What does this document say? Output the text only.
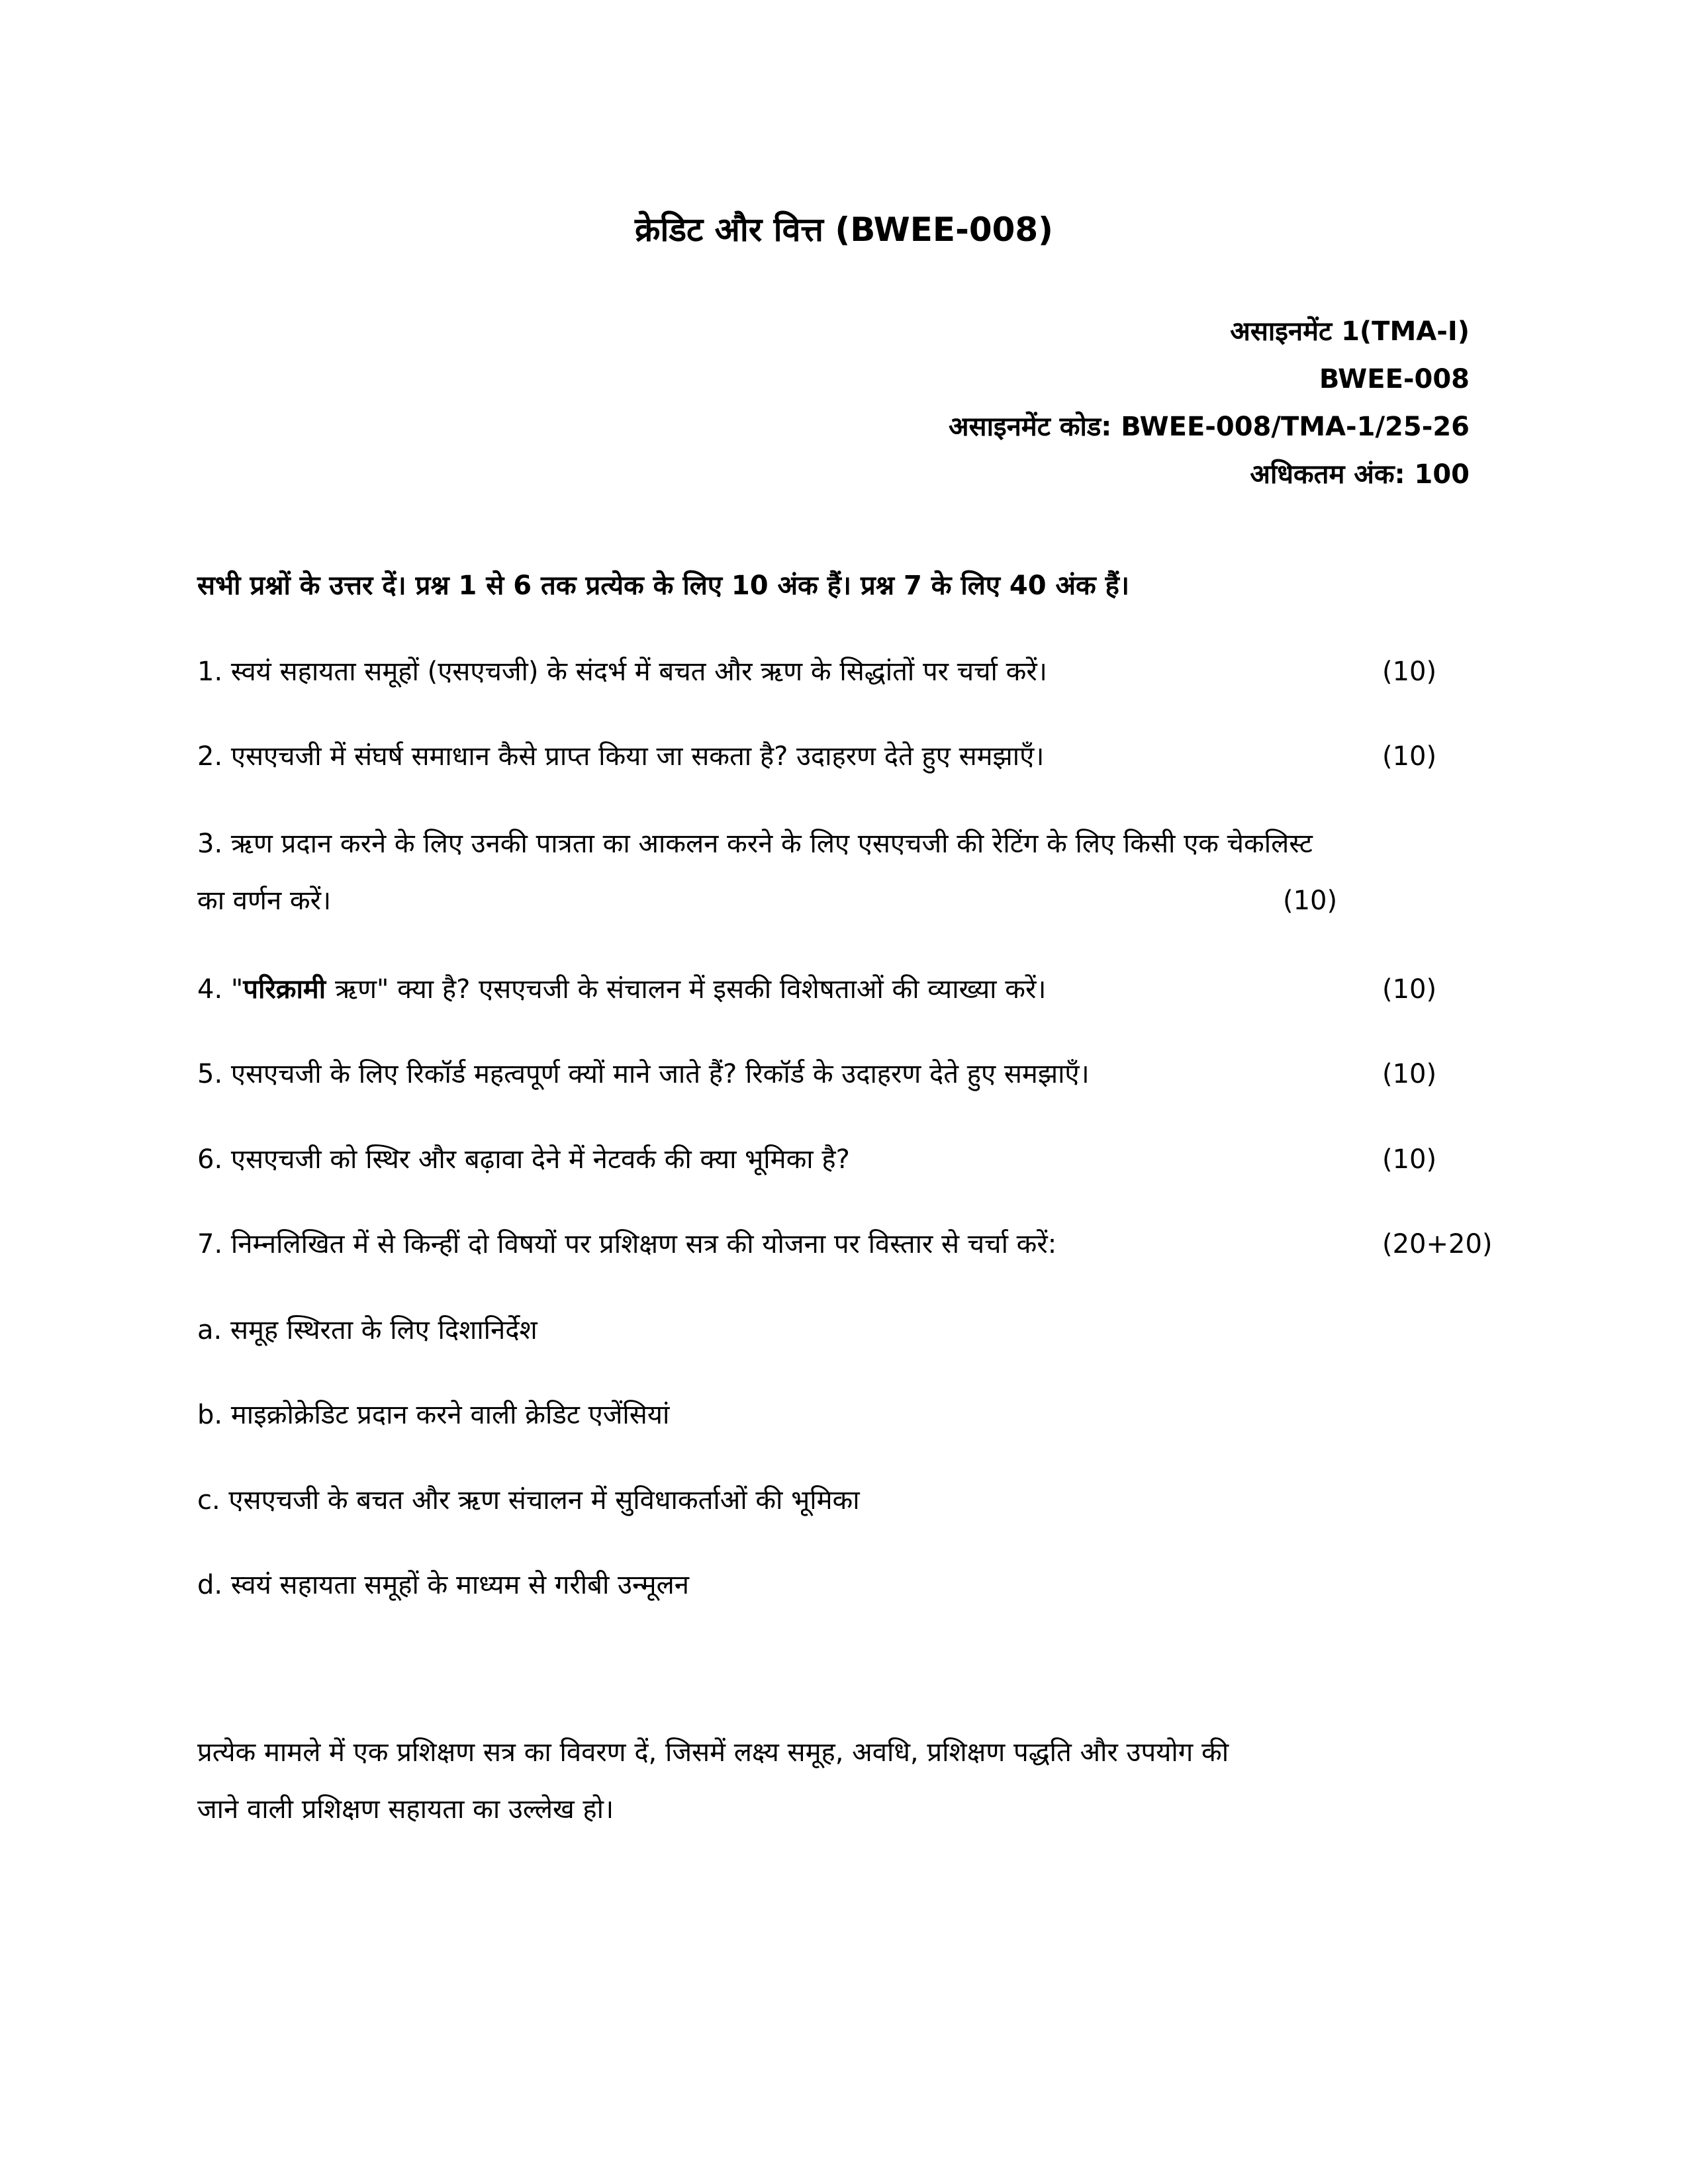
क्रेडिट और वित्त (BWEE-008)
असाइनमेंट 1(TMA-I)
BWEE-008
असाइनमेंट कोड: BWEE-008/TMA-1/25-26
अधिकतम अंक: 100
सभी प्रश्नों के उत्तर दें। प्रश्न 1 से 6 तक प्रत्येक के लिए 10 अंक हैं। प्रश्न 7 के लिए 40 अंक हैं।
1. स्वयं सहायता समूहों (एसएचजी) के संदर्भ में बचत और ऋण के सिद्धांतों पर चर्चा करें।	(10)
2. एसएचजी में संघर्ष समाधान कैसे प्राप्त किया जा सकता है? उदाहरण देते हुए समझाएँ।	(10)
3. ऋण प्रदान करने के लिए उनकी पात्रता का आकलन करने के लिए एसएचजी की रेटिंग के लिए किसी एक चेकलिस्ट
का वर्णन करें।	(10)
4. "परिक्रामी ऋण" क्या है? एसएचजी के संचालन में इसकी विशेषताओं की व्याख्या करें।	(10)
5. एसएचजी के लिए रिकॉर्ड महत्वपूर्ण क्यों माने जाते हैं? रिकॉर्ड के उदाहरण देते हुए समझाएँ।	(10)
6. एसएचजी को स्थिर और बढ़ावा देने में नेटवर्क की क्या भूमिका है?	(10)
7. निम्नलिखित में से किन्हीं दो विषयों पर प्रशिक्षण सत्र की योजना पर विस्तार से चर्चा करें:	(20+20)
a. समूह स्थिरता के लिए दिशानिर्देश
b. माइक्रोक्रेडिट प्रदान करने वाली क्रेडिट एजेंसियां
c. एसएचजी के बचत और ऋण संचालन में सुविधाकर्ताओं की भूमिका
d. स्वयं सहायता समूहों के माध्यम से गरीबी उन्मूलन
प्रत्येक मामले में एक प्रशिक्षण सत्र का विवरण दें, जिसमें लक्ष्य समूह, अवधि, प्रशिक्षण पद्धति और उपयोग की
जाने वाली प्रशिक्षण सहायता का उल्लेख हो।
